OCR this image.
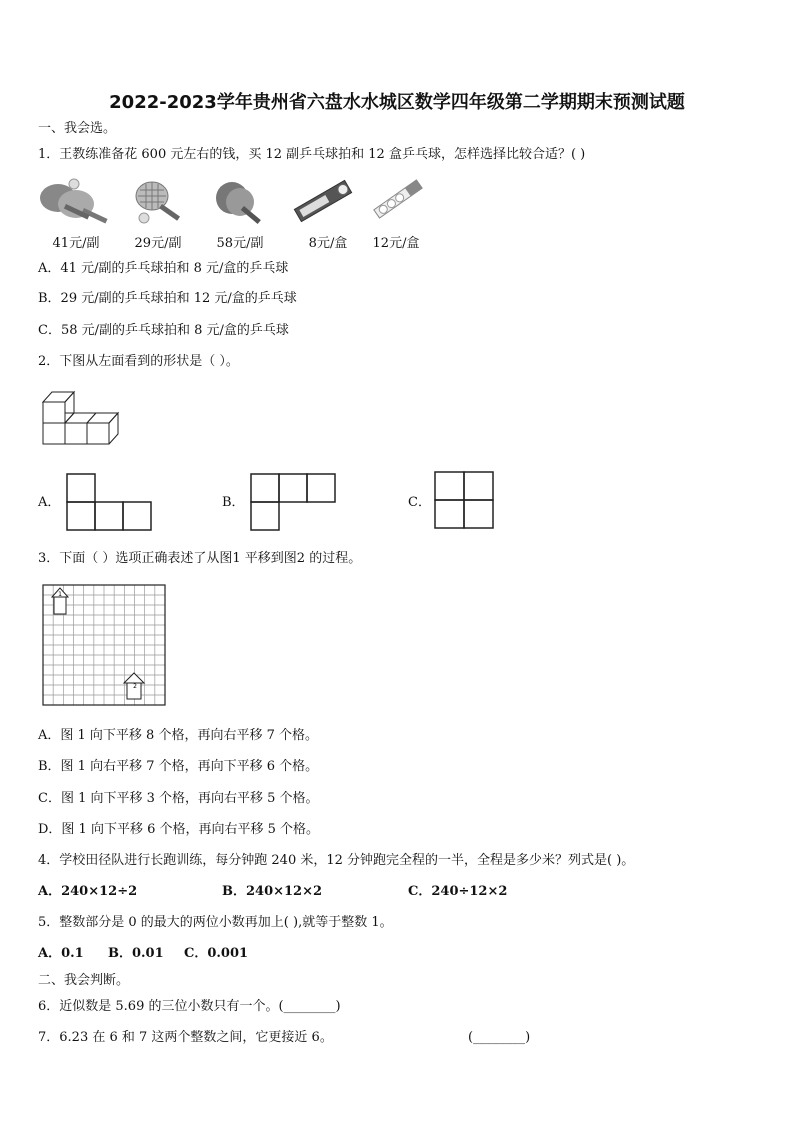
2022-2023学年贵州省六盘水水城区数学四年级第二学期期末预测试题
一、我会选。
1．王教练准备花 600 元左右的钱，买 12 副乒乓球拍和 12 盒乒乓球，怎样选择比较合适？( )
41元/副	29元/副	58元/副	8元/盒	12元/盒
A．41 元/副的乒乓球拍和 8 元/盒的乒乓球
B．29 元/副的乒乓球拍和 12 元/盒的乒乓球
C．58 元/副的乒乓球拍和 8 元/盒的乒乓球
2．下图从左面看到的形状是（ ）。
A．	B．	C．
3．下面（ ）选项正确表述了从图1 平移到图2 的过程。
1
2
A．图 1 向下平移 8 个格，再向右平移 7 个格。
B．图 1 向右平移 7 个格，再向下平移 6 个格。
C．图 1 向下平移 3 个格，再向右平移 5 个格。
D．图 1 向下平移 6 个格，再向右平移 5 个格。
4．学校田径队进行长跑训练，每分钟跑 240 米，12 分钟跑完全程的一半，全程是多少米？列式是( )。
A．240×12÷2	B．240×12×2	C．240÷12×2
5．整数部分是 0 的最大的两位小数再加上( ),就等于整数 1。
A．0.1 B．0.01 C．0.001
二、我会判断。
6．近似数是 5.69 的三位小数只有一个。(________)
7．6.23 在 6 和 7 这两个整数之间，它更接近 6。	(________)
